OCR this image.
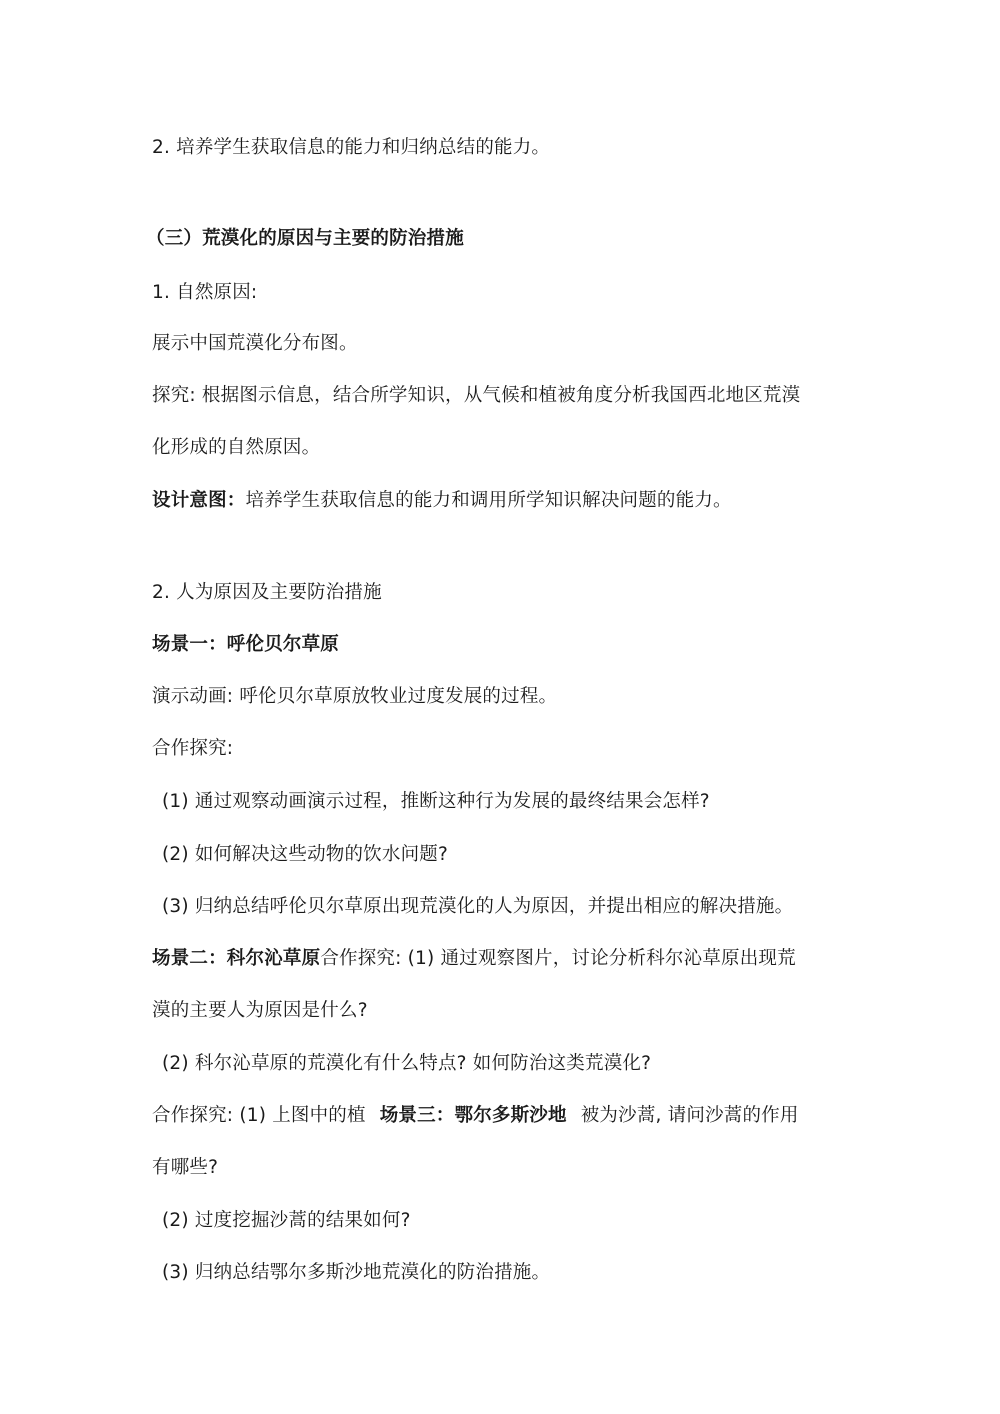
2. 培养学生获取信息的能力和归纳总结的能力。
（三）荒漠化的原因与主要的防治措施
1. 自然原因:
展示中国荒漠化分布图。
探究: 根据图示信息，结合所学知识，从气候和植被角度分析我国西北地区荒漠
化形成的自然原因。
设计意图：培养学生获取信息的能力和调用所学知识解决问题的能力。
2. 人为原因及主要防治措施
场景一：呼伦贝尔草原
演示动画: 呼伦贝尔草原放牧业过度发展的过程。
合作探究:
(1) 通过观察动画演示过程，推断这种行为发展的最终结果会怎样?
(2) 如何解决这些动物的饮水问题?
(3) 归纳总结呼伦贝尔草原出现荒漠化的人为原因，并提出相应的解决措施。
场景二：科尔沁草原合作探究: (1) 通过观察图片，讨论分析科尔沁草原出现荒
漠的主要人为原因是什么?
(2) 科尔沁草原的荒漠化有什么特点? 如何防治这类荒漠化?
合作探究: (1) 上图中的植 场景三：鄂尔多斯沙地 被为沙蒿, 请问沙蒿的作用
有哪些?
(2) 过度挖掘沙蒿的结果如何?
(3) 归纳总结鄂尔多斯沙地荒漠化的防治措施。
